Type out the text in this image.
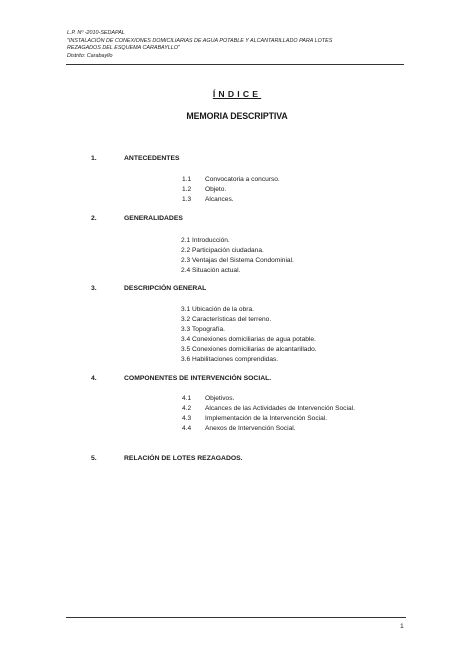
L.P. Nº -2010-SEDAPAL
"INSTALACIÓN DE CONEXIONES DOMICILIARIAS DE AGUA POTABLE Y ALCANTARILLADO PARA LOTES
REZAGADOS DEL ESQUEMA CARABAYLLO"
Distrito: Carabayllo
ÍNDICE
MEMORIA DESCRIPTIVA
1.	ANTECEDENTES
1.1 Convocatoria a concurso.
1.2 Objeto.
1.3 Alcances.
2.	GENERALIDADES
2.1 Introducción.
2.2 Participación ciudadana.
2.3 Ventajas del Sistema Condominial.
2.4 Situación actual.
3.	DESCRIPCIÓN GENERAL
3.1 Ubicación de la obra.
3.2 Características del terreno.
3.3 Topografía.
3.4 Conexiones domiciliarias de agua potable.
3.5 Conexiones domiciliarias de alcantarillado.
3.6 Habilitaciones comprendidas.
4.	COMPONENTES DE INTERVENCIÓN SOCIAL.
4.1 Objetivos.
4.2 Alcances de las Actividades de Intervención Social.
4.3 Implementación de la Intervención Social.
4.4 Anexos de Intervención Social.
5.	RELACIÓN DE LOTES REZAGADOS.
1
